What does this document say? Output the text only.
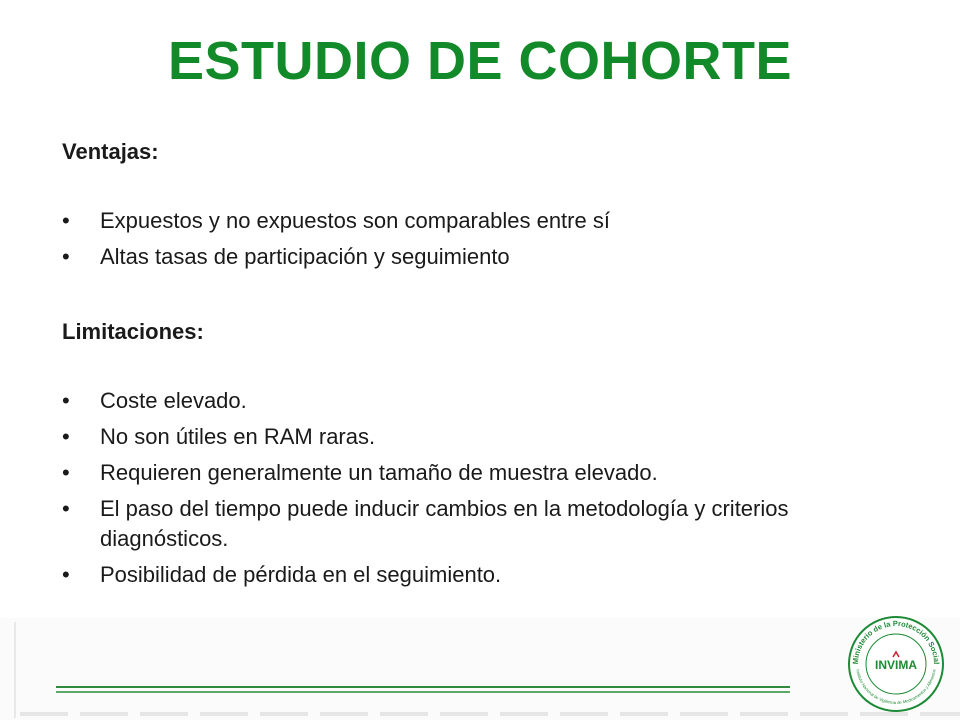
ESTUDIO DE COHORTE
Ventajas:
• Expuestos y no expuestos son comparables entre sí
• Altas tasas de participación y seguimiento
Limitaciones:
• Coste elevado.
• No son útiles en RAM raras.
• Requieren generalmente un tamaño de muestra elevado.
• El paso del tiempo puede inducir cambios en la metodología y criterios diagnósticos.
• Posibilidad de pérdida en el seguimiento.
Ministerio de la Protección Social
Instituto Nacional de Vigilancia de Medicamentos y Alimentos
INVIMA
